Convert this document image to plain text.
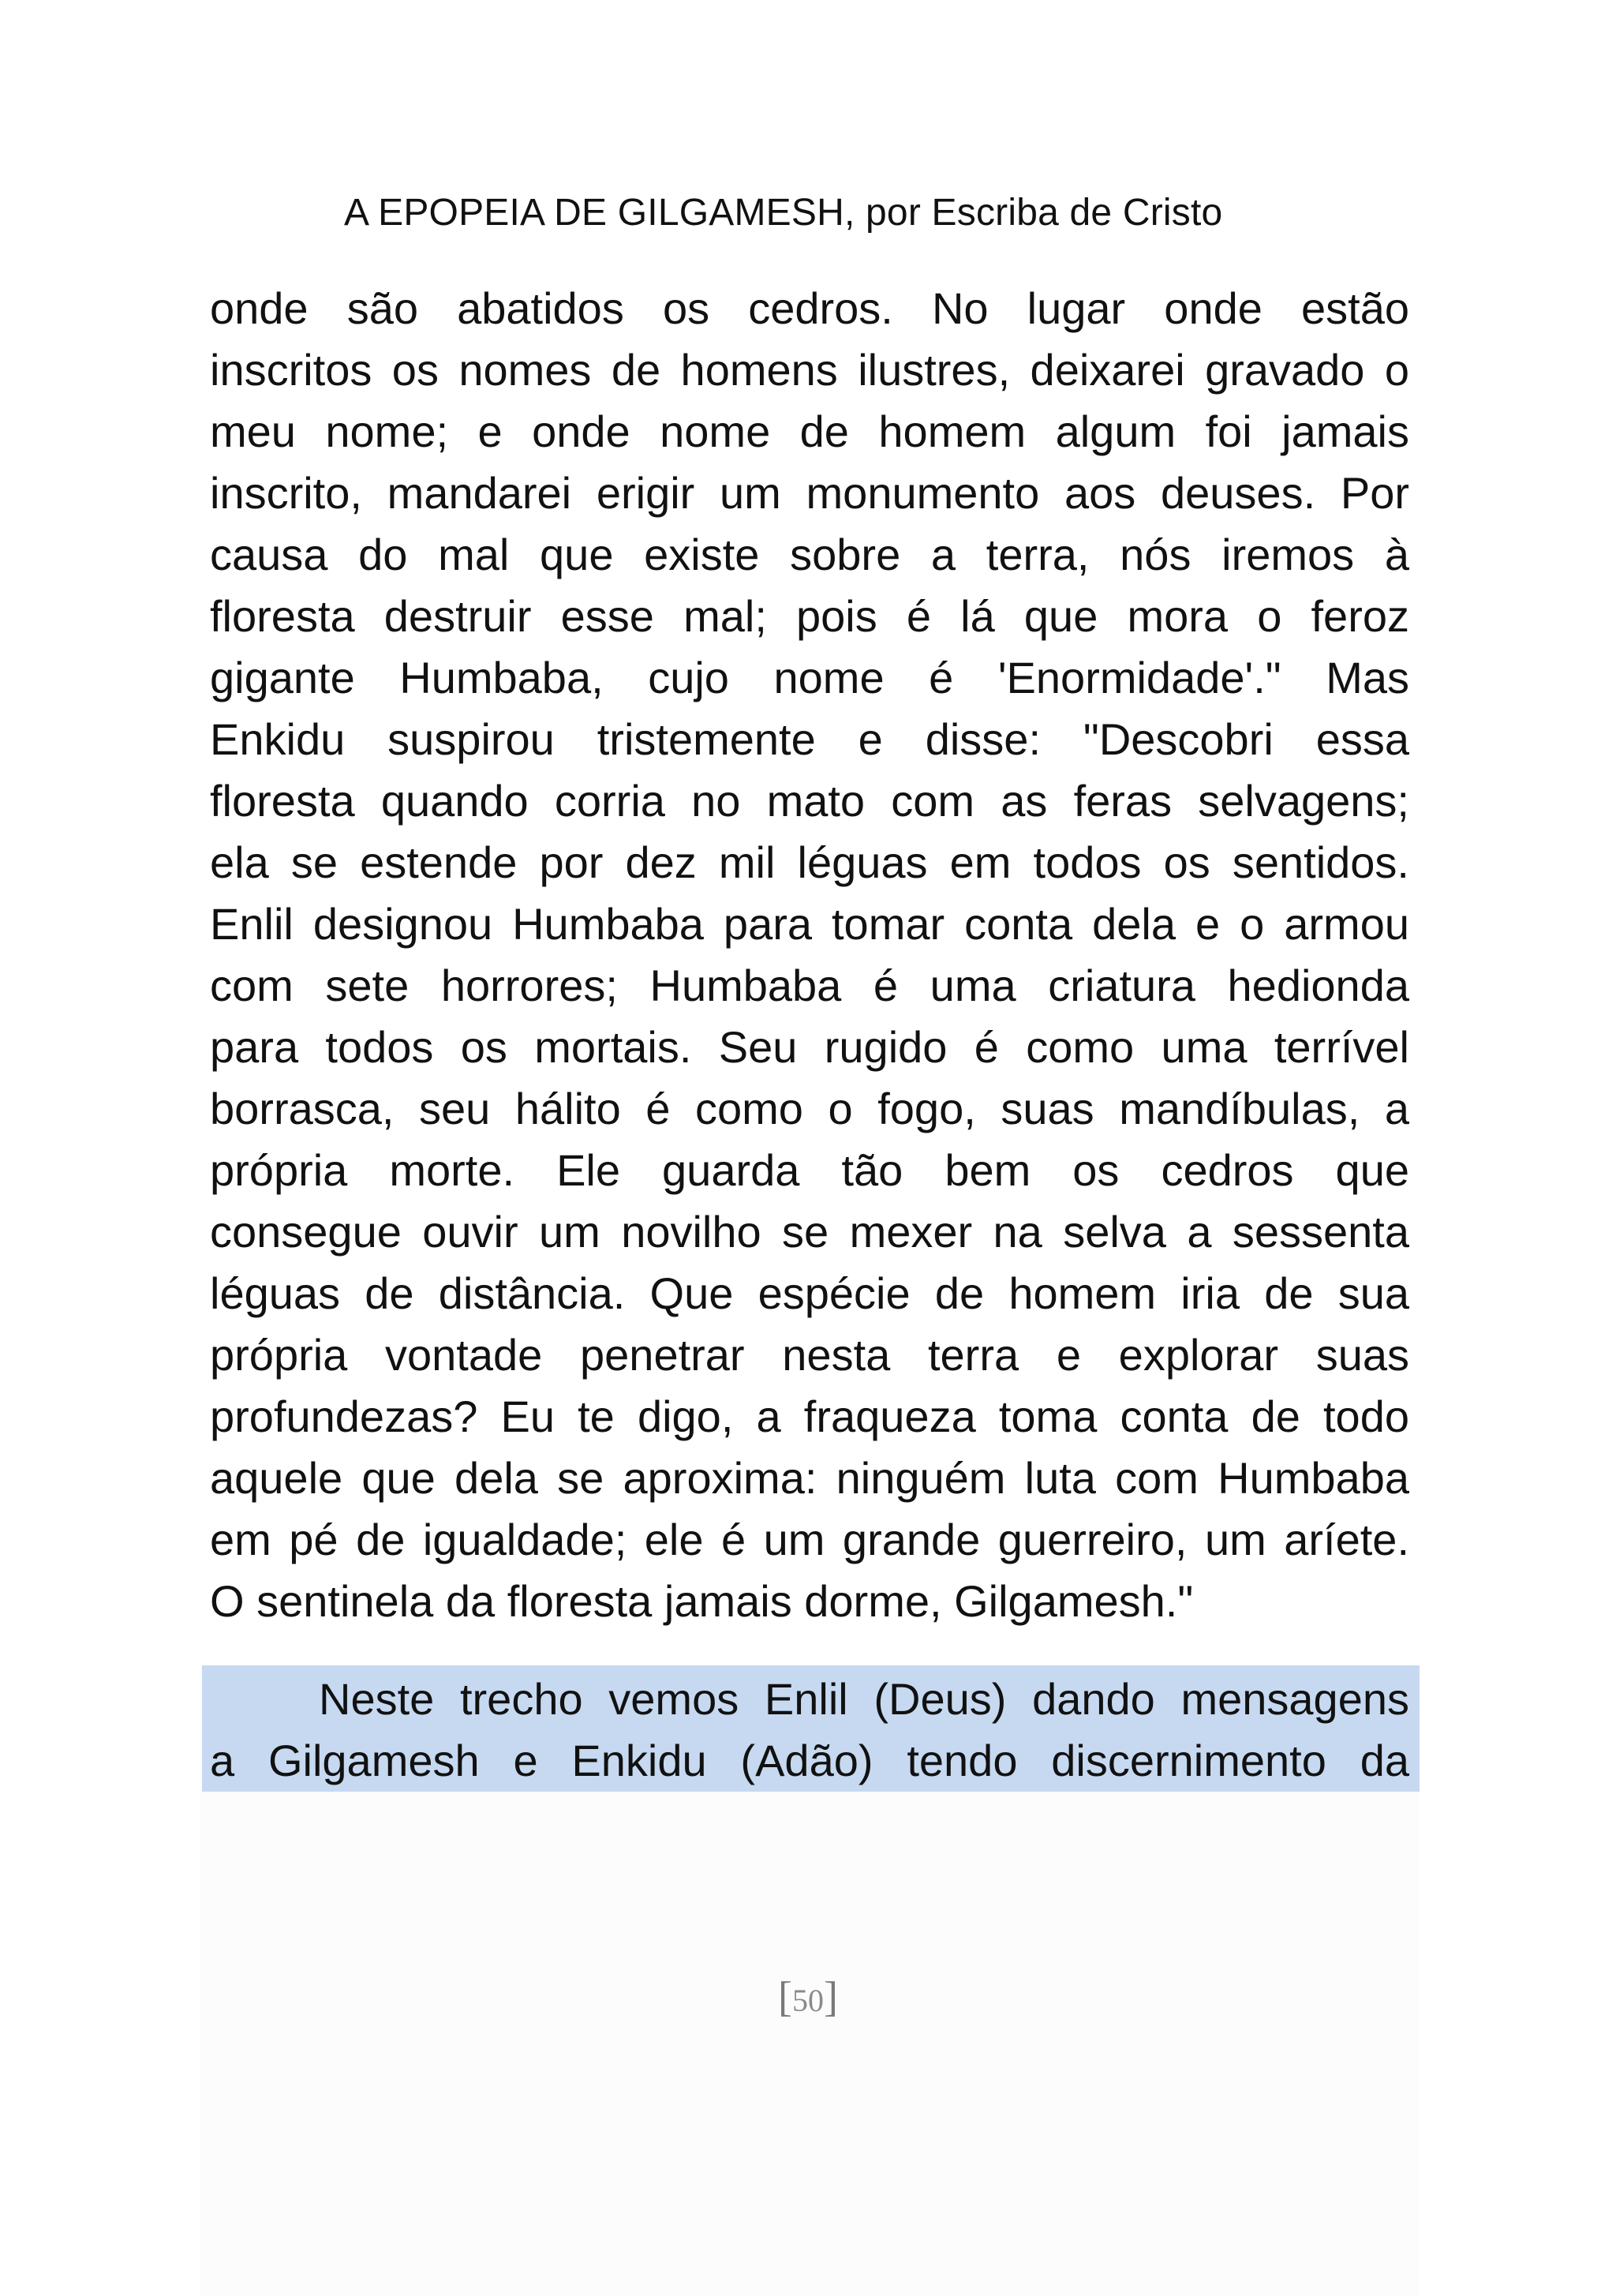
A EPOPEIA DE GILGAMESH, por Escriba de Cristo
onde são abatidos os cedros. No lugar onde estão
inscritos os nomes de homens ilustres, deixarei gravado o
meu nome; e onde nome de homem algum foi jamais
inscrito, mandarei erigir um monumento aos deuses. Por
causa do mal que existe sobre a terra, nós iremos à
floresta destruir esse mal; pois é lá que mora o feroz
gigante Humbaba, cujo nome é 'Enormidade'." Mas
Enkidu suspirou tristemente e disse: "Descobri essa
floresta quando corria no mato com as feras selvagens;
ela se estende por dez mil léguas em todos os sentidos.
Enlil designou Humbaba para tomar conta dela e o armou
com sete horrores; Humbaba é uma criatura hedionda
para todos os mortais. Seu rugido é como uma terrível
borrasca, seu hálito é como o fogo, suas mandíbulas, a
própria morte. Ele guarda tão bem os cedros que
consegue ouvir um novilho se mexer na selva a sessenta
léguas de distância. Que espécie de homem iria de sua
própria vontade penetrar nesta terra e explorar suas
profundezas? Eu te digo, a fraqueza toma conta de todo
aquele que dela se aproxima: ninguém luta com Humbaba
em pé de igualdade; ele é um grande guerreiro, um aríete.
O sentinela da floresta jamais dorme, Gilgamesh."
Neste trecho vemos Enlil (Deus) dando mensagens
a Gilgamesh e Enkidu (Adão) tendo discernimento da
[50]
